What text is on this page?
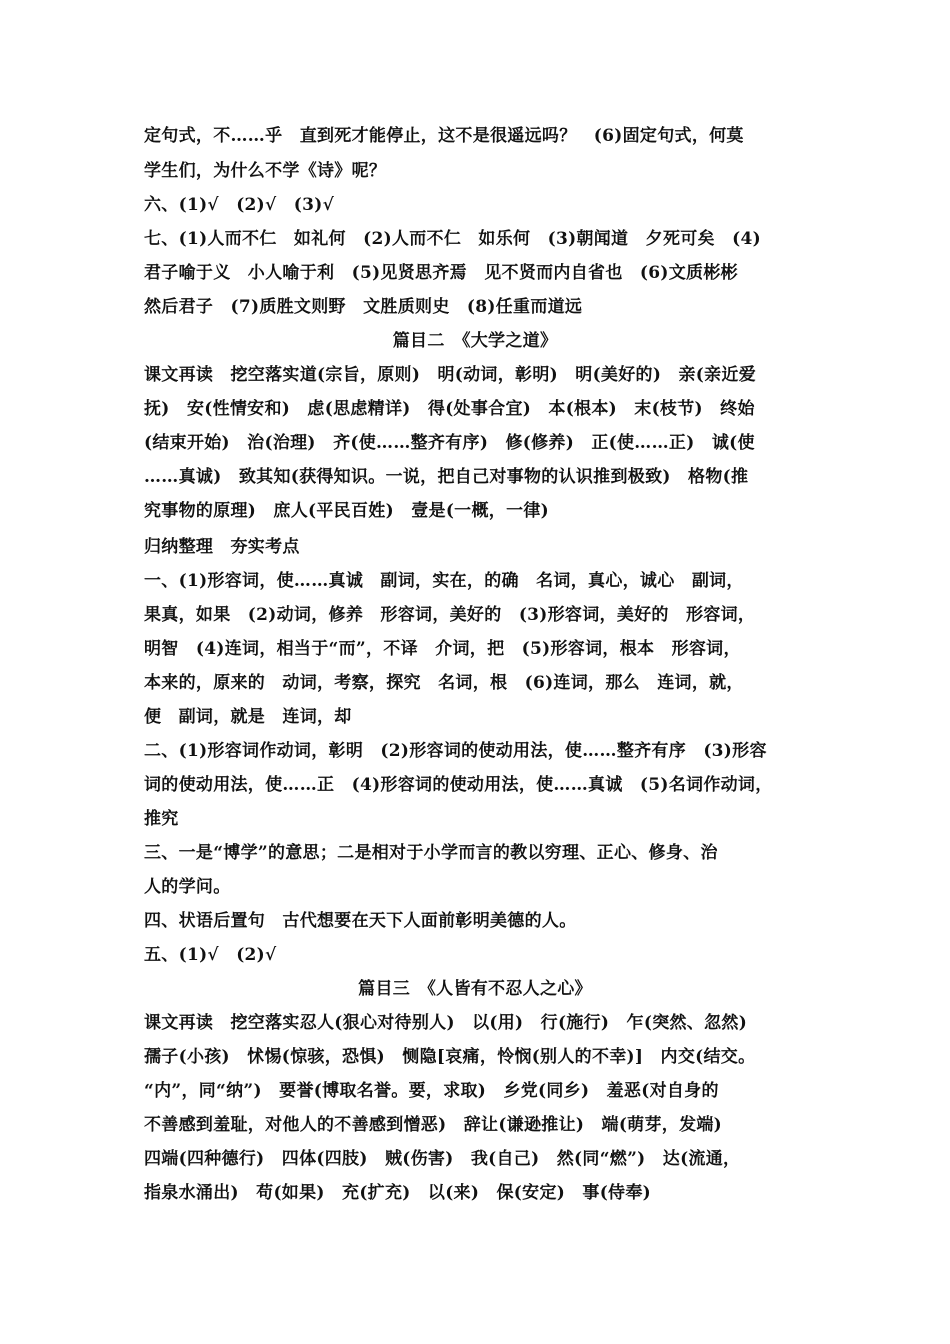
定句式，不……乎　直到死才能停止，这不是很遥远吗？　(6)固定句式，何莫
学生们，为什么不学《诗》呢？
六、(1)√　(2)√　(3)√
七、(1)人而不仁　如礼何　(2)人而不仁　如乐何　(3)朝闻道　夕死可矣　(4)
君子喻于义　小人喻于利　(5)见贤思齐焉　见不贤而内自省也　(6)文质彬彬
然后君子　(7)质胜文则野　文胜质则史　(8)任重而道远
篇目二　《大学之道》
课文再读　挖空落实道(宗旨，原则)　明(动词，彰明)　明(美好的)　亲(亲近爱
抚)　安(性情安和)　虑(思虑精详)　得(处事合宜)　本(根本)　末(枝节)　终始
(结束开始)　治(治理)　齐(使……整齐有序)　修(修养)　正(使……正)　诚(使
……真诚)　致其知(获得知识。一说，把自己对事物的认识推到极致)　格物(推
究事物的原理)　庶人(平民百姓)　壹是(一概，一律)
归纳整理　夯实考点
一、(1)形容词，使……真诚　副词，实在，的确　名词，真心，诚心　副词，
果真，如果　(2)动词，修养　形容词，美好的　(3)形容词，美好的　形容词，
明智　(4)连词，相当于“而”，不译　介词，把　(5)形容词，根本　形容词，
本来的，原来的　动词，考察，探究　名词，根　(6)连词，那么　连词，就，
便　副词，就是　连词，却
二、(1)形容词作动词，彰明　(2)形容词的使动用法，使……整齐有序　(3)形容
词的使动用法，使……正　(4)形容词的使动用法，使……真诚　(5)名词作动词，
推究
三、一是“博学”的意思；二是相对于小学而言的教以穷理、正心、修身、治
人的学问。
四、状语后置句　古代想要在天下人面前彰明美德的人。
五、(1)√　(2)√
篇目三　《人皆有不忍人之心》
课文再读　挖空落实忍人(狠心对待别人)　以(用)　行(施行)　乍(突然、忽然)
孺子(小孩)　怵惕(惊骇，恐惧)　恻隐[哀痛，怜悯(别人的不幸)]　内交(结交。
“内”，同“纳”)　要誉(博取名誉。要，求取)　乡党(同乡)　羞恶(对自身的
不善感到羞耻，对他人的不善感到憎恶)　辞让(谦逊推让)　端(萌芽，发端)
四端(四种德行)　四体(四肢)　贼(伤害)　我(自己)　然(同“燃”)　达(流通，
指泉水涌出)　苟(如果)　充(扩充)　以(来)　保(安定)　事(侍奉)
